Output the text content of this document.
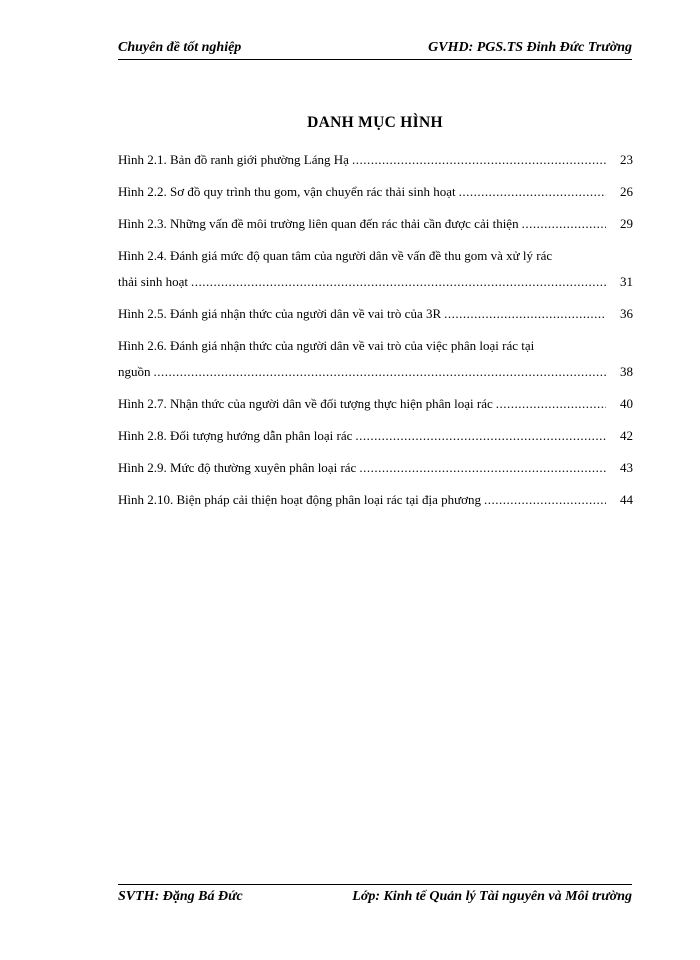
Chuyên đề tốt nghiệp	GVHD: PGS.TS Đinh Đức Trường
DANH MỤC HÌNH
Hình 2.1. Bản đồ ranh giới phường Láng Hạ .....	23
Hình 2.2. Sơ đồ quy trình thu gom, vận chuyển rác thải sinh hoạt .....	26
Hình 2.3. Những vấn đề môi trường liên quan đến rác thải cần được cải thiện .....	29
Hình 2.4. Đánh giá mức độ quan tâm của người dân về vấn đề thu gom và xử lý rác
thải sinh hoạt .....	31
Hình 2.5. Đánh giá nhận thức của người dân về vai trò của 3R .....	36
Hình 2.6. Đánh giá nhận thức của người dân về vai trò của việc phân loại rác tại
nguồn .....	38
Hình 2.7. Nhận thức của người dân về đối tượng thực hiện phân loại rác .....	40
Hình 2.8. Đối tượng hướng dẫn phân loại rác .....	42
Hình 2.9. Mức độ thường xuyên phân loại rác .....	43
Hình 2.10. Biện pháp cải thiện hoạt động phân loại rác tại địa phương .....	44
SVTH: Đặng Bá Đức	Lớp: Kinh tế Quản lý Tài nguyên và Môi trường
